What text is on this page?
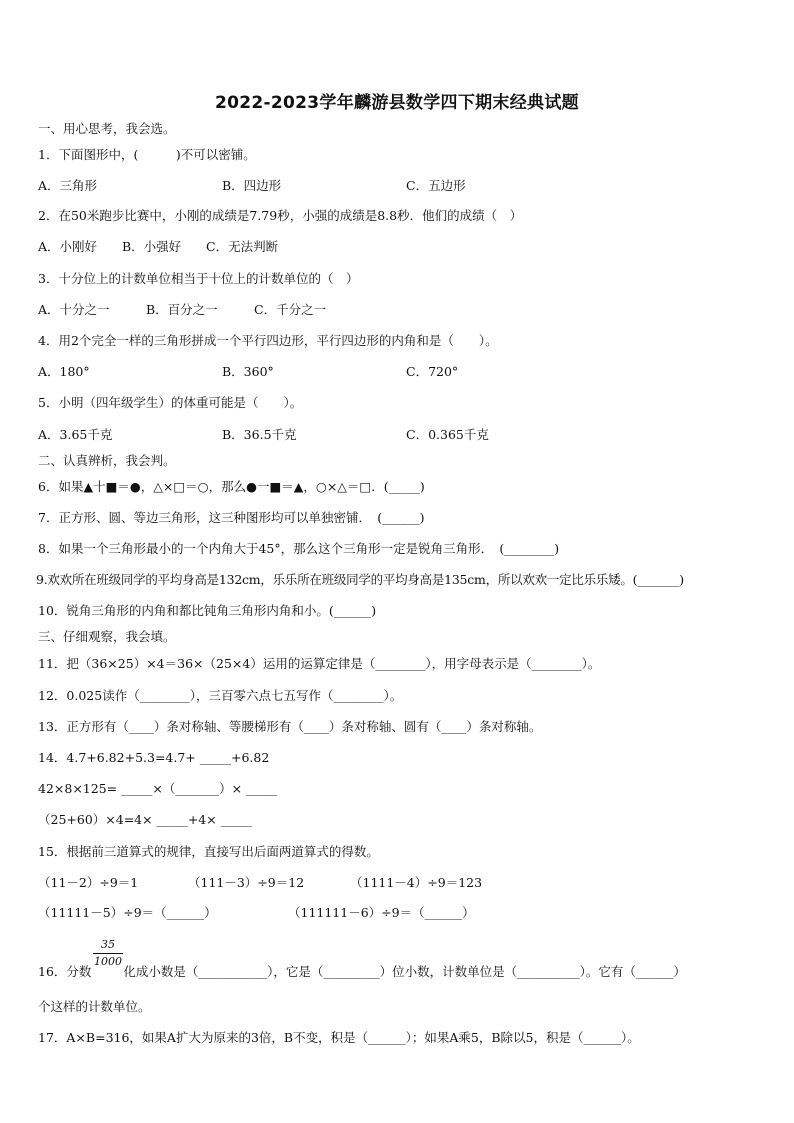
2022-2023学年麟游县数学四下期末经典试题
一、用心思考，我会选。
1．下面图形中，(　　　)不可以密铺。
A．三角形	B．四边形	C．五边形
2．在50米跑步比赛中，小刚的成绩是7.79秒，小强的成绩是8.8秒．他们的成绩（　）
A．小刚好 B．小强好 C．无法判断
3．十分位上的计数单位相当于十位上的计数单位的（　）
A．十分之一	B．百分之一	C．千分之一
4．用2个完全一样的三角形拼成一个平行四边形，平行四边形的内角和是（　　）。
A．180°	B．360°	C．720°
5．小明（四年级学生）的体重可能是（　　）。
A．3.65千克	B．36.5千克	C．0.365千克
二、认真辨析，我会判。
6．如果▲十■＝●，△×□＝○，那么●一■＝▲，○×△＝□．(_____)
7．正方形、圆、等边三角形，这三种图形均可以单独密铺．　(______)
8．如果一个三角形最小的一个内角大于45°，那么这个三角形一定是锐角三角形．　(________)
9.欢欢所在班级同学的平均身高是132cm，乐乐所在班级同学的平均身高是135cm，所以欢欢一定比乐乐矮。(_______)
10．锐角三角形的内角和都比钝角三角形内角和小。(______)
三、仔细观察，我会填。
11．把（36×25）×4＝36×（25×4）运用的运算定律是（________），用字母表示是（________）。
12．0.025读作（________），三百零六点七五写作（________）。
13．正方形有（____）条对称轴、等腰梯形有（____）条对称轴、圆有（____）条对称轴。
14．4.7+6.82+5.3=4.7+ _____+6.82
42×8×125= _____×（_______）× _____
（25+60）×4=4× _____+4× _____
15．根据前三道算式的规律，直接写出后面两道算式的得数。
（11－2）÷9＝1	（111－3）÷9＝12	（1111－4）÷9＝123
（11111－5）÷9＝（______）	（111111－6）÷9＝（______）
$\frac{35}{1000}$
16．分数	化成小数是（___________），它是（_________）位小数，计数单位是（__________）。它有（______）
个这样的计数单位。
17．A×B=316，如果A扩大为原来的3倍，B不变，积是（______）；如果A乘5，B除以5，积是（______）。
